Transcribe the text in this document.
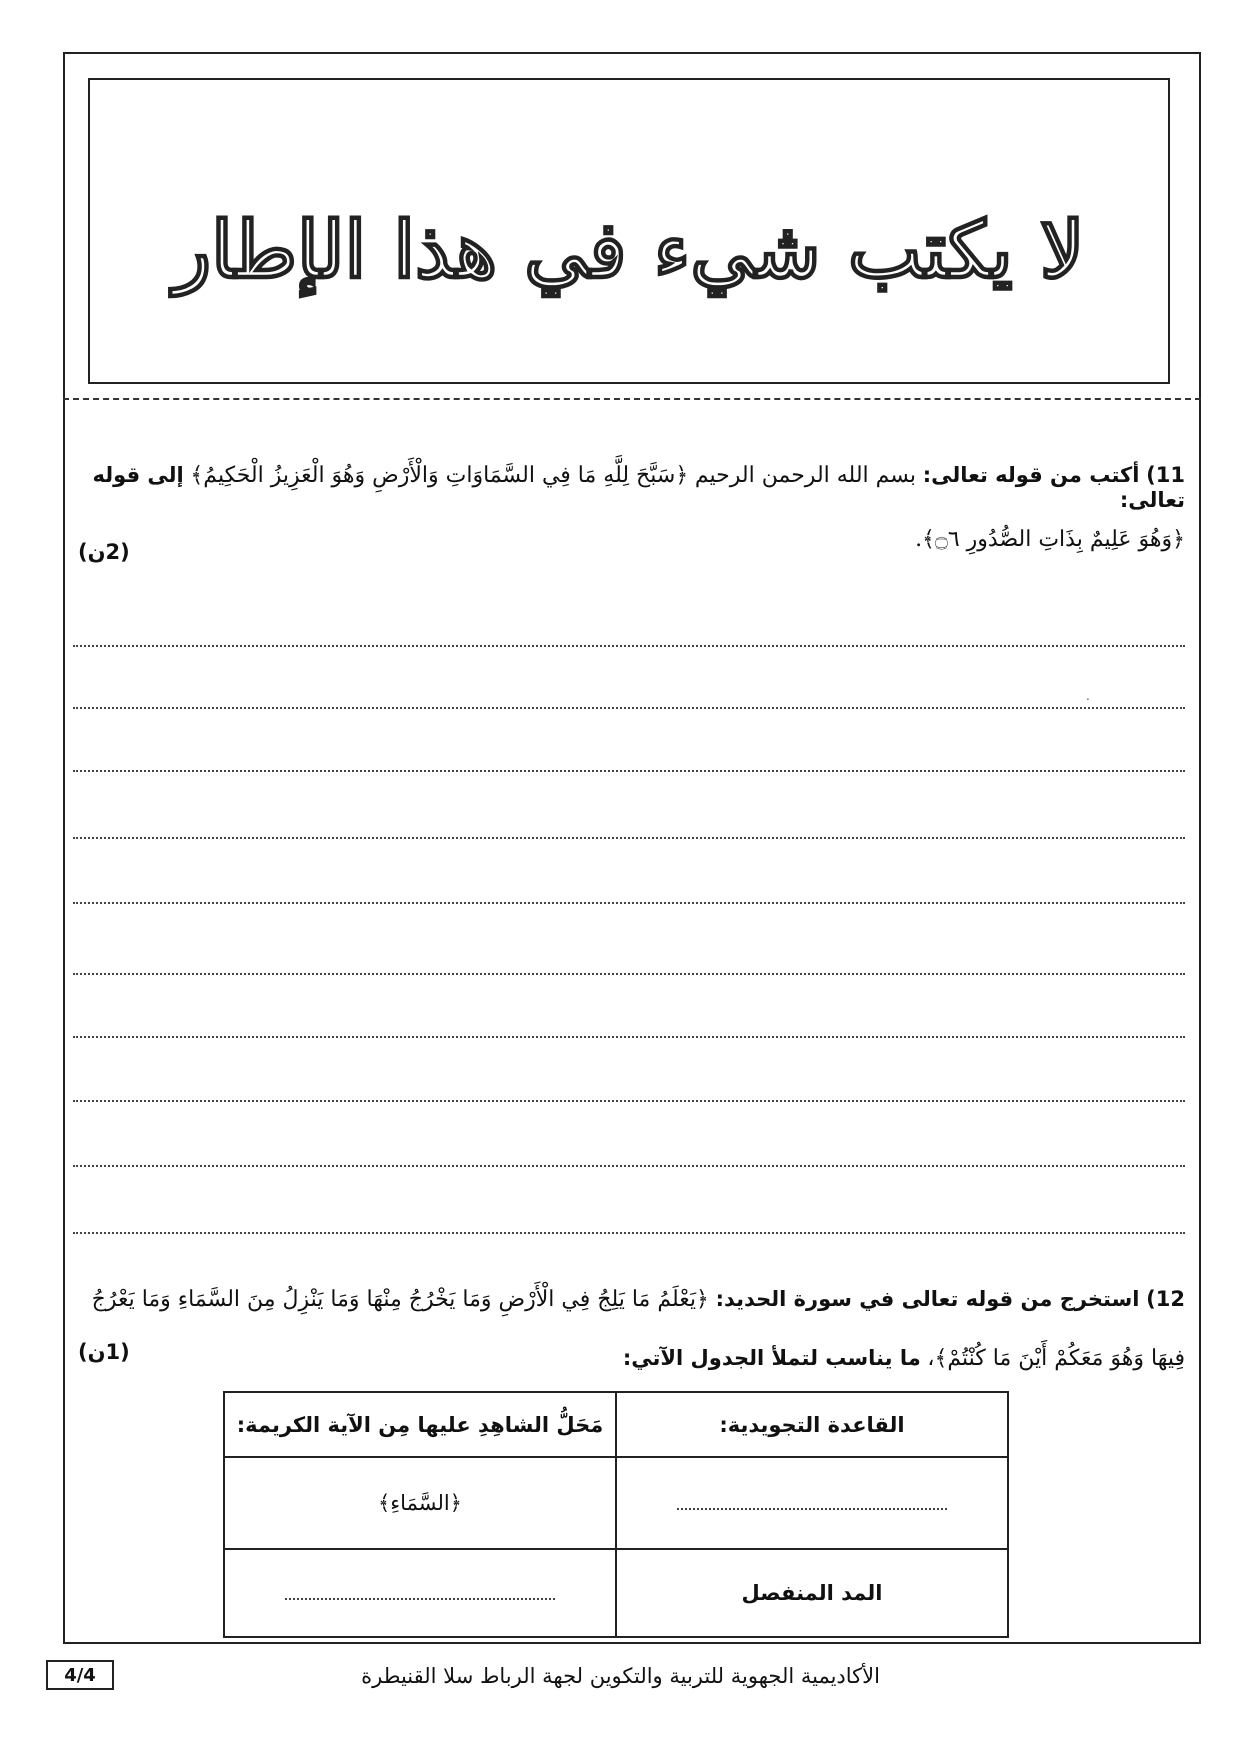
لا يكتب شيء في هذا الإطار
11) أكتب من قوله تعالى: بسم الله الرحمن الرحيم ﴿سَبَّحَ لِلَّهِ مَا فِي السَّمَاوَاتِ وَالْأَرْضِ وَهُوَ الْعَزِيزُ الْحَكِيمُ﴾ إلى قوله تعالى:
﴿وَهُوَ عَلِيمٌ بِذَاتِ الصُّدُورِ ۝٦﴾.
(2ن)
.
12) استخرج من قوله تعالى في سورة الحديد: ﴿يَعْلَمُ مَا يَلِجُ فِي الْأَرْضِ وَمَا يَخْرُجُ مِنْهَا وَمَا يَنْزِلُ مِنَ السَّمَاءِ وَمَا يَعْرُجُ فِيهَا وَهُوَ مَعَكُمْ أَيْنَ مَا كُنْتُمْ﴾، ما يناسب لتملأ الجدول الآتي:
(1ن)
القاعدة التجويدية:	مَحَلُّ الشاهِدِ عليها مِن الآية الكريمة:
	﴿السَّمَاءِ﴾
المد المنفصل	
4/4	الأكاديمية الجهوية للتربية والتكوين لجهة الرباط سلا القنيطرة
